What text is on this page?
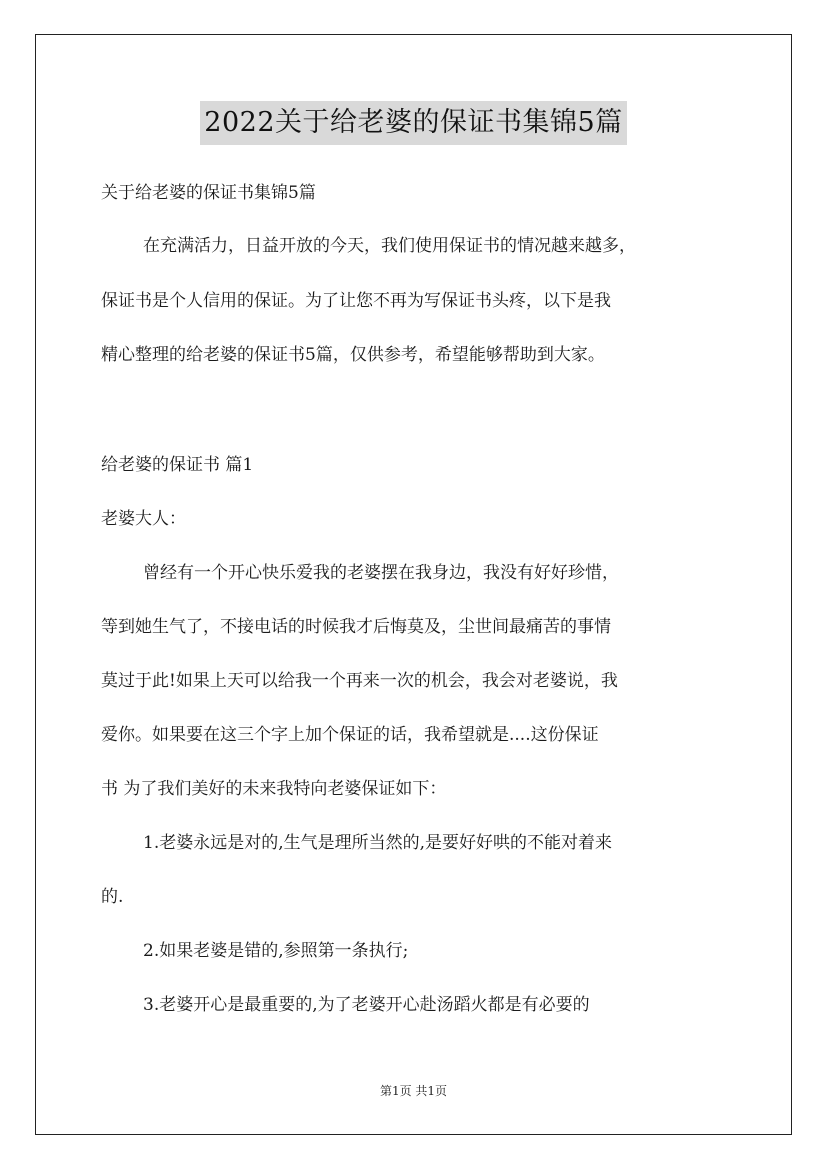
2022关于给老婆的保证书集锦5篇
关于给老婆的保证书集锦5篇
在充满活力，日益开放的今天，我们使用保证书的情况越来越多，
保证书是个人信用的保证。为了让您不再为写保证书头疼，以下是我
精心整理的给老婆的保证书5篇，仅供参考，希望能够帮助到大家。
给老婆的保证书 篇1
老婆大人：
曾经有一个开心快乐爱我的老婆摆在我身边，我没有好好珍惜，
等到她生气了，不接电话的时候我才后悔莫及，尘世间最痛苦的事情
莫过于此!如果上天可以给我一个再来一次的机会，我会对老婆说，我
爱你。如果要在这三个字上加个保证的话，我希望就是....这份保证
书 为了我们美好的未来我特向老婆保证如下：
1.老婆永远是对的,生气是理所当然的,是要好好哄的不能对着来
的.
2.如果老婆是错的,参照第一条执行;
3.老婆开心是最重要的,为了老婆开心赴汤蹈火都是有必要的
第1页 共1页
